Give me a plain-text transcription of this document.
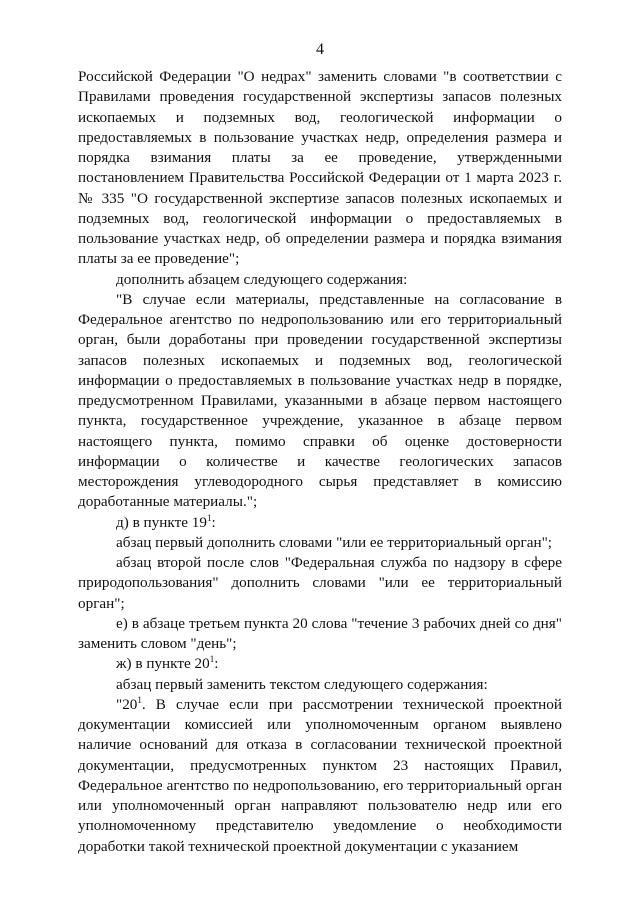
4

Российской Федерации "О недрах" заменить словами "в соответствии с Правилами проведения государственной экспертизы запасов полезных ископаемых и подземных вод, геологической информации о предоставляемых в пользование участках недр, определения размера и порядка взимания платы за ее проведение, утвержденными постановлением Правительства Российской Федерации от 1 марта 2023 г. № 335 "О государственной экспертизе запасов полезных ископаемых и подземных вод, геологической информации о предоставляемых в пользование участках недр, об определении размера и порядка взимания платы за ее проведение";

дополнить абзацем следующего содержания:

"В случае если материалы, представленные на согласование в Федеральное агентство по недропользованию или его территориальный орган, были доработаны при проведении государственной экспертизы запасов полезных ископаемых и подземных вод, геологической информации о предоставляемых в пользование участках недр в порядке, предусмотренном Правилами, указанными в абзаце первом настоящего пункта, государственное учреждение, указанное в абзаце первом настоящего пункта, помимо справки об оценке достоверности информации о количестве и качестве геологических запасов месторождения углеводородного сырья представляет в комиссию доработанные материалы.";

д) в пункте $19^1$:

абзац первый дополнить словами "или ее территориальный орган";

абзац второй после слов "Федеральная служба по надзору в сфере природопользования" дополнить словами "или ее территориальный орган";

е) в абзаце третьем пункта 20 слова "течение 3 рабочих дней со дня" заменить словом "день";

ж) в пункте $20^1$:

абзац первый заменить текстом следующего содержания:

"$20^1$. В случае если при рассмотрении технической проектной документации комиссией или уполномоченным органом выявлено наличие оснований для отказа в согласовании технической проектной документации, предусмотренных пунктом 23 настоящих Правил, Федеральное агентство по недропользованию, его территориальный орган или уполномоченный орган направляют пользователю недр или его уполномоченному представителю уведомление о необходимости доработки такой технической проектной документации с указанием
